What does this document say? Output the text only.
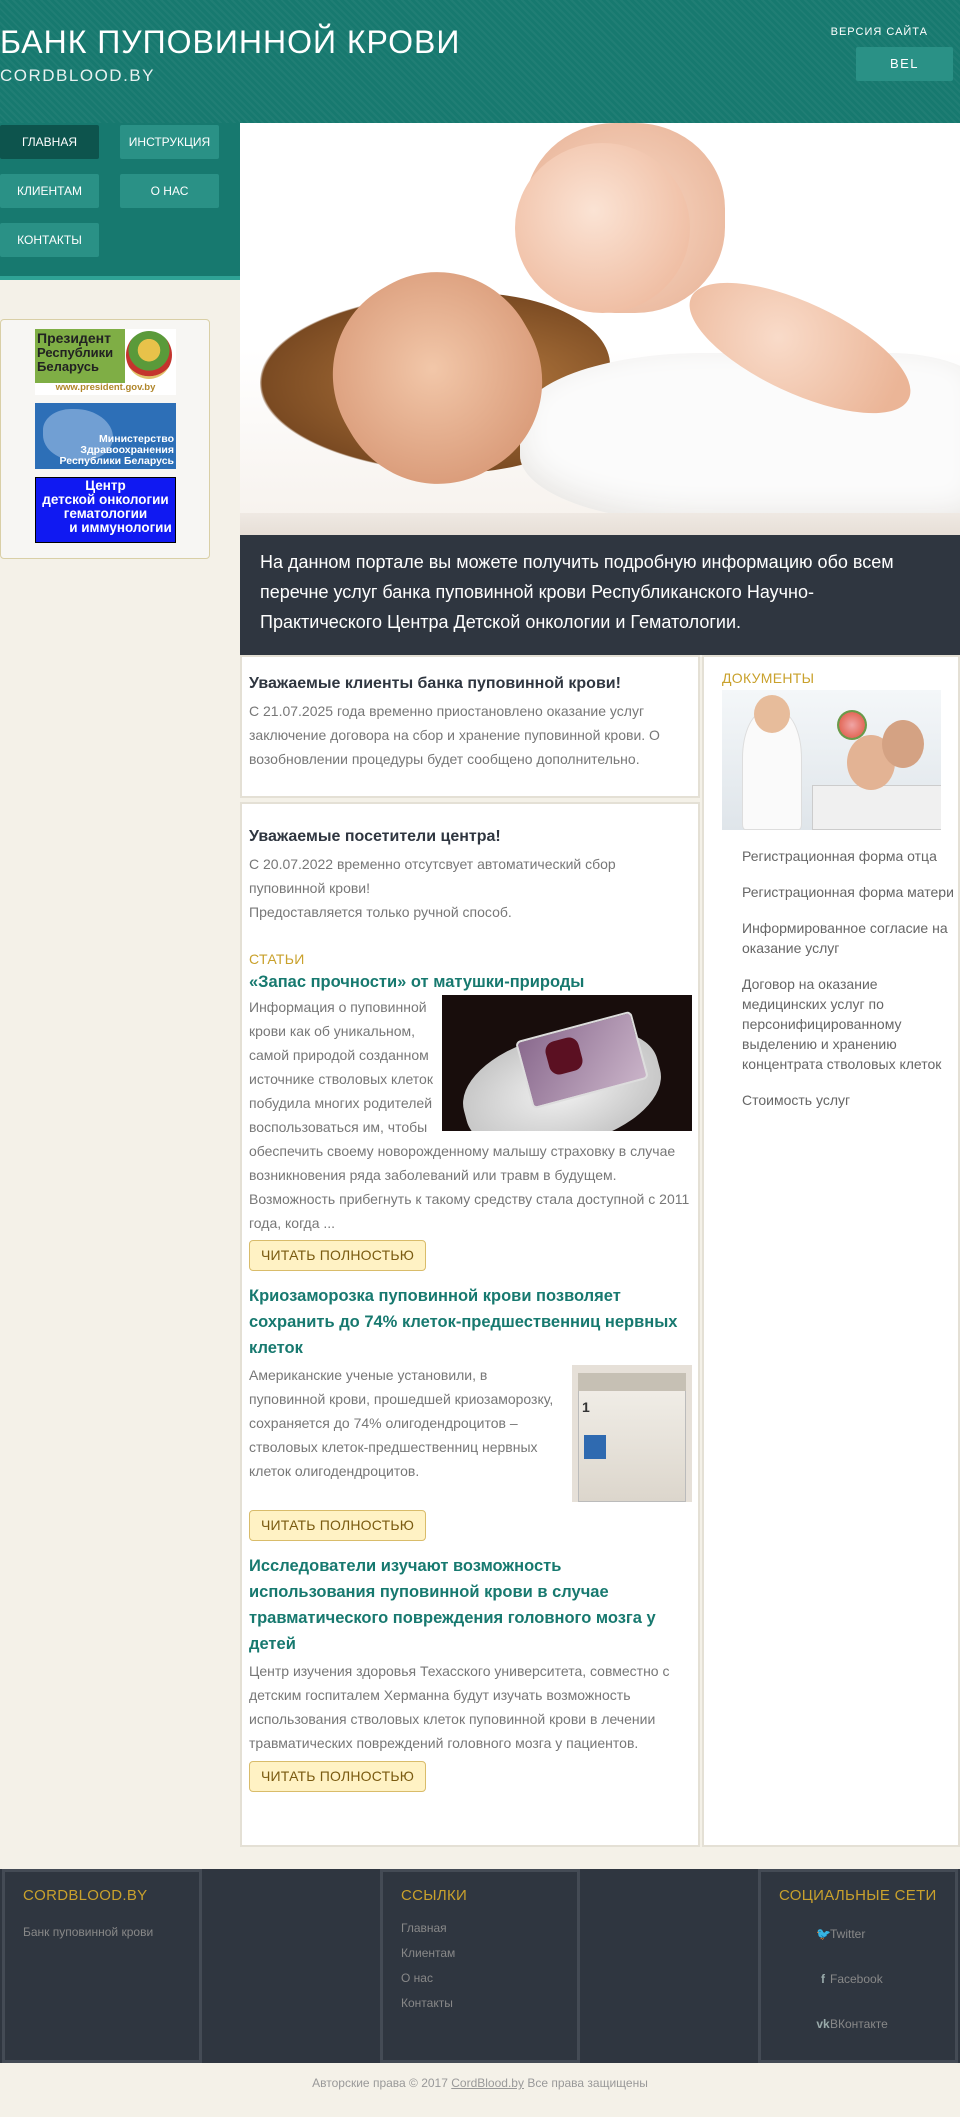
БАНК ПУПОВИННОЙ КРОВИ
CORDBLOOD.BY
ВЕРСИЯ САЙТА
BEL
ГЛАВНАЯ	ИНСТРУКЦИЯ
КЛИЕНТАМ	О НАС
КОНТАКТЫ
Президент
Республики
Беларусь
www.president.gov.by
Министерство
Здравоохранения
Республики Беларусь
Центр
детской онкологии
гематологии
и иммунологии
На данном портале вы можете получить подробную информацию обо всем перечне услуг банка пуповинной крови Республиканского Научно-Практического Центра Детской онкологии и Гематологии.
Уважаемые клиенты банка пуповинной крови!
С 21.07.2025 года временно приостановлено оказание услуг заключение договора на сбор и хранение пуповинной крови. О возобновлении процедуры будет сообщено дополнительно.
Уважаемые посетители центра!
С 20.07.2022 временно отсутсвует автоматический сбор пуповинной крови!
Предоставляется только ручной способ.
СТАТЬИ
«Запас прочности» от матушки-природы
Информация о пуповинной крови как об уникальном, самой природой созданном источнике стволовых клеток побудила многих родителей воспользоваться им, чтобы обеспечить своему новорожденному малышу страховку в случае возникновения ряда заболеваний или травм в будущем. Возможность прибегнуть к такому средству стала доступной с 2011 года, когда ...
ЧИТАТЬ ПОЛНОСТЬЮ
Криозаморозка пуповинной крови позволяет сохранить до 74% клеток-предшественниц нервных клеток
1
Американские ученые установили, в пуповинной крови, прошедшей криозаморозку, сохраняется до 74% олигодендроцитов – стволовых клеток-предшественниц нервных клеток олигодендроцитов.
ЧИТАТЬ ПОЛНОСТЬЮ
Исследователи изучают возможность использования пуповинной крови в случае травматического повреждения головного мозга у детей
Центр изучения здоровья Техасского университета, совместно с детским госпиталем Херманна будут изучать возможность использования стволовых клеток пуповинной крови в лечении травматических повреждений головного мозга у пациентов.
ЧИТАТЬ ПОЛНОСТЬЮ
ДОКУМЕНТЫ
Регистрационная форма отца
Регистрационная форма матери
Информированное согласие на оказание услуг
Договор на оказание медицинских услуг по персонифицированному выделению и хранению концентрата стволовых клеток
Стоимость услуг
CORDBLOOD.BY
Банк пуповинной крови
ССЫЛКИ
Главная
Клиентам
О нас
Контакты
СОЦИАЛЬНЫЕ СЕТИ
🐦Twitter
f Facebook
vkВКонтакте
Авторские права © 2017 CordBlood.by Все права защищены
